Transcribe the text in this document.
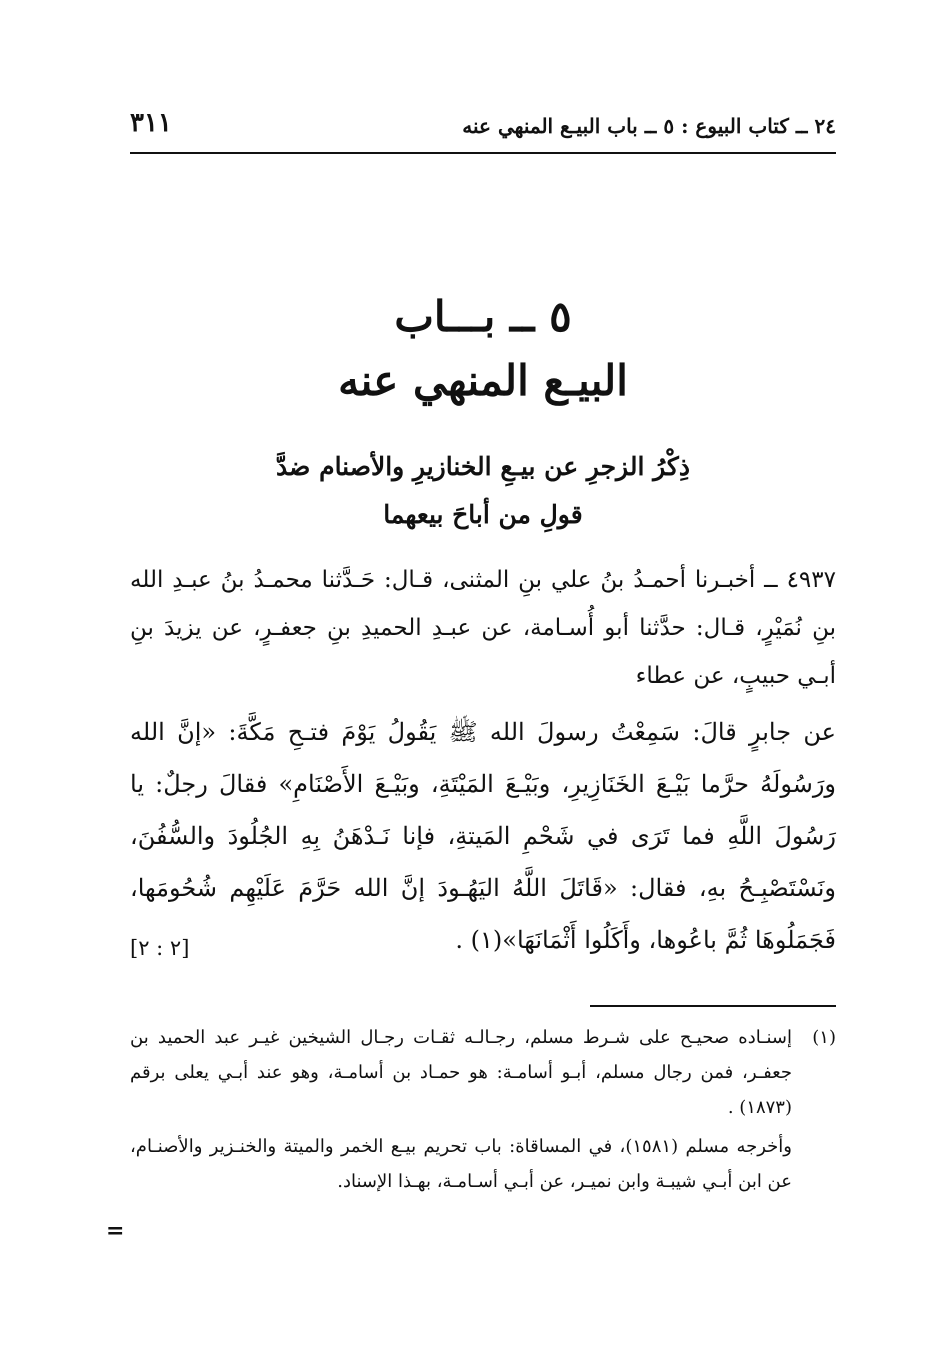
٢٤ ــ كتاب البيوع : ٥ ــ باب البيـع المنهي عنه
٣١١
٥ ــ بـــاب
البيـع المنهي عنه
ذِكْرُ الزجرِ عن بيـعِ الخنازيرِ والأصنام ضدَّ
قولِ من أباحَ بيعهما
٤٩٣٧ ــ أخبـرنا أحمـدُ بنُ علي بنِ المثنى، قـال: حَـدَّثنا محمـدُ بنُ عبـدِ الله بنِ نُمَيْرٍ، قـال: حدَّثنا أبو أُسـامة، عن عبـدِ الحميدِ بنِ جعفـرٍ، عن يزيدَ بنِ أبـي حبيبٍ، عن عطاء
عن جابرٍ قالَ: سَمِعْتُ رسولَ الله ﷺ يَقُولُ يَوْمَ فتـحِ مَكَّةَ: «إنَّ الله ورَسُولَهُ حرَّما بَيْـعَ الخَنَازِيرِ، وبَيْـعَ المَيْتَةِ، وبَيْـعَ الأَصْنَامِ» فقالَ رجلٌ: يا رَسُولَ اللَّهِ فما تَرَى في شَحْمِ المَيتةِ، فإنا نَـدْهَنُ بِهِ الجُلُودَ والسُّفُنَ، ونَسْتَصْبِـحُ بهِ، فقال: «قَاتَلَ اللَّهُ اليَهُـودَ إنَّ الله حَرَّمَ عَلَيْهِم شُحُومَها، فَجَمَلُوهَا ثُمَّ باعُوها، وأَكَلُوا أَثْمَانَهَا»(١) .
[٢ : ٢]
(١)

إسنـاده صحيـح على شـرط مسلم، رجـالـه ثقـات رجـال الشيخين غيـر عبد الحميد بن جعفـر، فمن رجال مسلم، أبـو أسامـة: هو حمـاد بن أسامـة، وهو عند أبـي يعلى برقم (١٨٧٣) .

وأخرجه مسلم (١٥٨١)، في المساقاة: باب تحريم بيـع الخمر والميتة والخنـزير والأصنـام، عن ابن أبـي شيبـة وابن نميـر، عن أبـي أسـامـة، بهـذا الإسناد.

=
